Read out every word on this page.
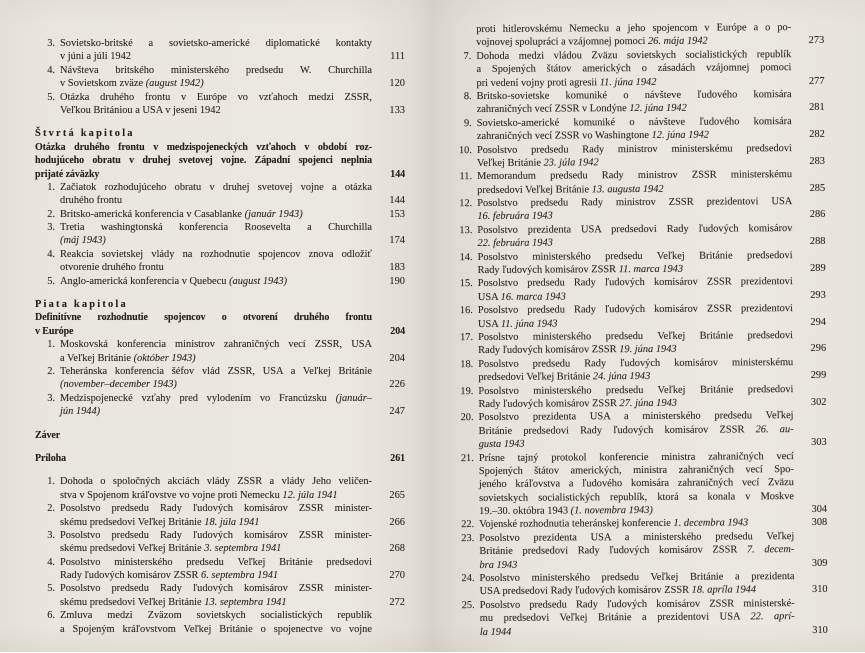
3. Sovietsko-britské a sovietsko-americké diplomatické kontakty
v júni a júli 1942	111
4. Návšteva britského ministerského predsedu W. Churchilla
v Sovietskom zväze (august 1942)	120
5. Otázka druhého frontu v Európe vo vzťahoch medzi ZSSR,
Veľkou Britániou a USA v jeseni 1942	133
Štvrtá kapitola
Otázka druhého frontu v medzispojeneckých vzťahoch v období roz-
hodujúceho obratu v druhej svetovej vojne. Západní spojenci neplnia
prijaté záväzky	144
1. Začiatok rozhodujúceho obratu v druhej svetovej vojne a otázka
druhého frontu	144
2. Britsko-americká konferencia v Casablanke (január 1943)	153
3. Tretia washingtonská konferencia Roosevelta a Churchilla
(máj 1943)	174
4. Reakcia sovietskej vlády na rozhodnutie spojencov znova odložiť
otvorenie druhého frontu	183
5. Anglo-americká konferencia v Quebecu (august 1943)	190
Piata kapitola
Definitívne rozhodnutie spojencov o otvorení druhého frontu
v Európe	204
1. Moskovská konferencia ministrov zahraničných vecí ZSSR, USA
a Veľkej Británie (október 1943)	204
2. Teheránska konferencia šéfov vlád ZSSR, USA a Veľkej Británie
(november–december 1943)	226
3. Medzispojenecké vzťahy pred vylodením vo Francúzsku (január–
jún 1944)	247
Záver
Príloha	261
1. Dohoda o spoločných akciách vlády ZSSR a vlády Jeho veličen-
stva v Spojenom kráľovstve vo vojne proti Nemecku 12. júla 1941	265
2. Posolstvo predsedu Rady ľudových komisárov ZSSR minister-
skému predsedovi Veľkej Británie 18. júla 1941	266
3. Posolstvo predsedu Rady ľudových komisárov ZSSR minister-
skému predsedovi Veľkej Británie 3. septembra 1941	268
4. Posolstvo ministerského predsedu Veľkej Británie predsedovi
Rady ľudových komisárov ZSSR 6. septembra 1941	270
5. Posolstvo predsedu Rady ľudových komisárov ZSSR minister-
skému predsedovi Veľkej Británie 13. septembra 1941	272
6. Zmluva medzi Zväzom sovietskych socialistických republík
a Spojeným kráľovstvom Veľkej Británie o spojenectve vo vojne
proti hitlerovskému Nemecku a jeho spojencom v Európe a o po-
vojnovej spolupráci a vzájomnej pomoci 26. mája 1942	273
7. Dohoda medzi vládou Zväzu sovietskych socialistických republík
a Spojených štátov amerických o zásadách vzájomnej pomoci
pri vedení vojny proti agresii 11. júna 1942	277
8. Britsko-sovietske komuniké o návšteve ľudového komisára
zahraničných vecí ZSSR v Londýne 12. júna 1942	281
9. Sovietsko-americké komuniké o návšteve ľudového komisára
zahraničných vecí ZSSR vo Washingtone 12. júna 1942	282
10. Posolstvo predsedu Rady ministrov ministerskému predsedovi
Veľkej Británie 23. júla 1942	283
11. Memorandum predsedu Rady ministrov ZSSR ministerskému
predsedovi Veľkej Británie 13. augusta 1942	285
12. Posolstvo predsedu Rady ministrov ZSSR prezidentovi USA
16. februára 1943	286
13. Posolstvo prezidenta USA predsedovi Rady ľudových komisárov
22. februára 1943	288
14. Posolstvo ministerského predsedu Veľkej Británie predsedovi
Rady ľudových komisárov ZSSR 11. marca 1943	289
15. Posolstvo predsedu Rady ľudových komisárov ZSSR prezidentovi
USA 16. marca 1943	293
16. Posolstvo predsedu Rady ľudových komisárov ZSSR prezidentovi
USA 11. júna 1943	294
17. Posolstvo ministerského predsedu Veľkej Británie predsedovi
Rady ľudových komisárov ZSSR 19. júna 1943	296
18. Posolstvo predsedu Rady ľudových komisárov ministerskému
predsedovi Veľkej Británie 24. júna 1943	299
19. Posolstvo ministerského predsedu Veľkej Británie predsedovi
Rady ľudových komisárov ZSSR 27. júna 1943	302
20. Posolstvo prezidenta USA a ministerského predsedu Veľkej
Británie predsedovi Rady ľudových komisárov ZSSR 26. au-
gusta 1943	303
21. Prísne tajný protokol konferencie ministra zahraničných vecí
Spojených štátov amerických, ministra zahraničných vecí Spo-
jeného kráľovstva a ľudového komisára zahraničných vecí Zväzu
sovietskych socialistických republík, ktorá sa konala v Moskve
19.–30. októbra 1943 (1. novembra 1943)	304
22. Vojenské rozhodnutia teheránskej konferencie 1. decembra 1943	308
23. Posolstvo prezidenta USA a ministerského predsedu Veľkej
Británie predsedovi Rady ľudových komisárov ZSSR 7. decem-
bra 1943	309
24. Posolstvo ministerského predsedu Veľkej Británie a prezidenta
USA predsedovi Rady ľudových komisárov ZSSR 18. apríla 1944	310
25. Posolstvo predsedu Rady ľudových komisárov ZSSR ministerské-
mu predsedovi Veľkej Británie a prezidentovi USA 22. aprí-
la 1944	310
